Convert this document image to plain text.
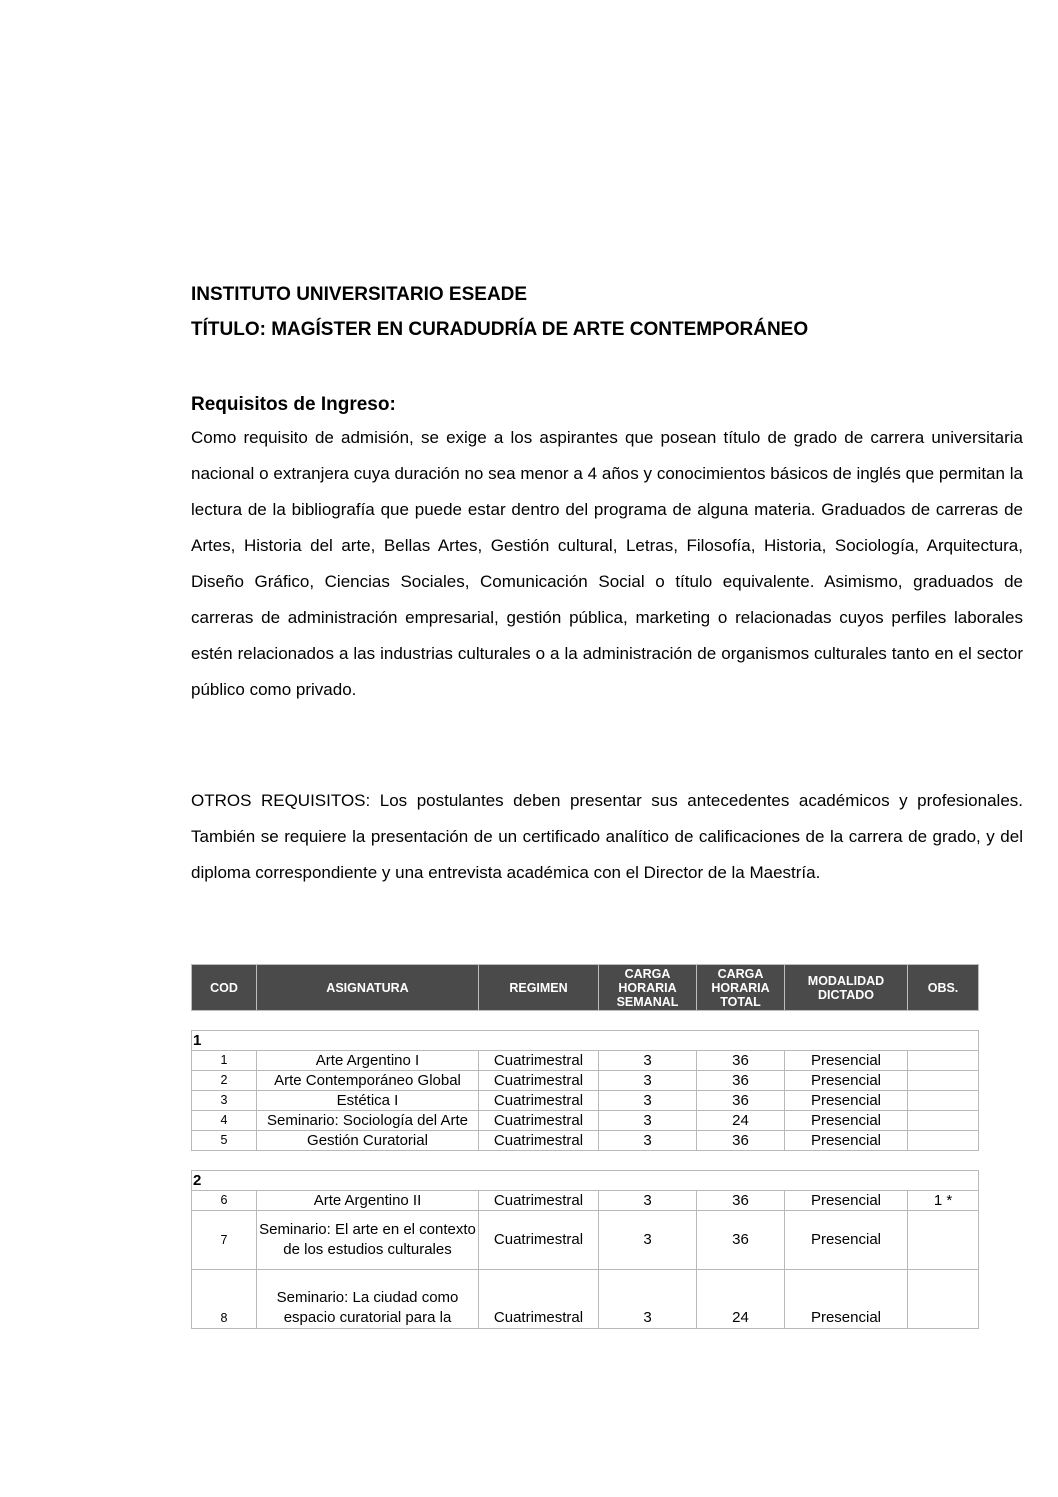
INSTITUTO UNIVERSITARIO ESEADE
TÍTULO: MAGÍSTER EN CURADUDRÍA DE ARTE CONTEMPORÁNEO
Requisitos de Ingreso:
Como requisito de admisión, se exige a los aspirantes que posean título de grado de carrera universitaria nacional o extranjera cuya duración no sea menor a 4 años y conocimientos básicos de inglés que permitan la lectura de la bibliografía que puede estar dentro del programa de alguna materia. Graduados de carreras de Artes, Historia del arte, Bellas Artes, Gestión cultural, Letras, Filosofía, Historia, Sociología, Arquitectura, Diseño Gráfico, Ciencias Sociales, Comunicación Social o título equivalente. Asimismo, graduados de carreras de administración empresarial, gestión pública, marketing o relacionadas cuyos perfiles laborales estén relacionados a las industrias culturales o a la administración de organismos culturales tanto en el sector público como privado.
OTROS REQUISITOS: Los postulantes deben presentar sus antecedentes académicos y profesionales. También se requiere la presentación de un certificado analítico de calificaciones de la carrera de grado, y del diploma correspondiente y una entrevista académica con el Director de la Maestría.
COD	ASIGNATURA	REGIMEN	CARGA HORARIA SEMANAL	CARGA HORARIA TOTAL	MODALIDAD DICTADO	OBS.

1						
1	Arte Argentino I	Cuatrimestral	3	36	Presencial	
2	Arte Contemporáneo Global	Cuatrimestral	3	36	Presencial	
3	Estética I	Cuatrimestral	3	36	Presencial	
4	Seminario: Sociología del Arte	Cuatrimestral	3	24	Presencial	
5	Gestión Curatorial	Cuatrimestral	3	36	Presencial	

2						
6	Arte Argentino II	Cuatrimestral	3	36	Presencial	1 *
7	Seminario: El arte en el contexto de los estudios culturales	Cuatrimestral	3	36	Presencial	
8	Seminario: La ciudad como espacio curatorial para la	Cuatrimestral	3	24	Presencial	
